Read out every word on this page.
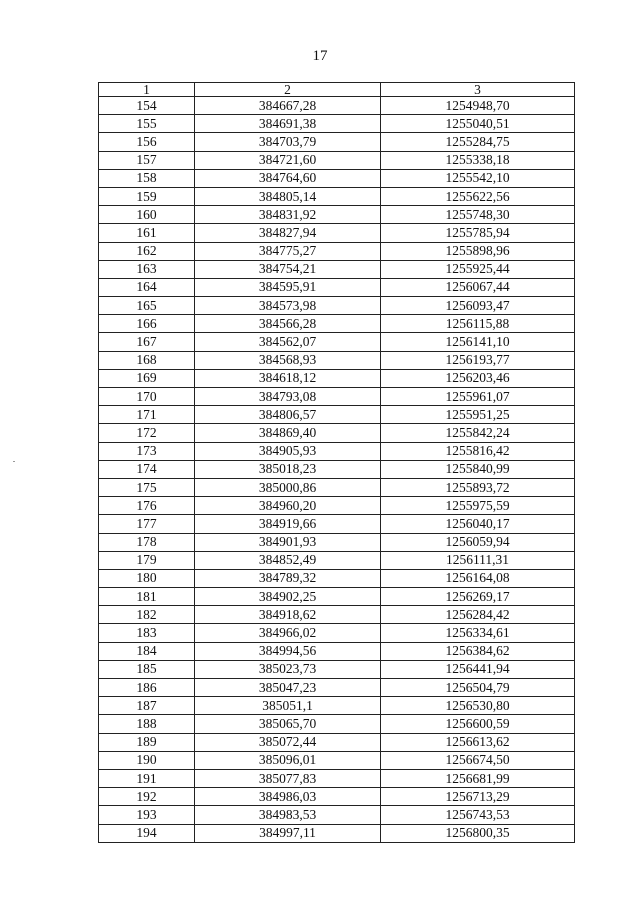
17
1	2	3
154	384667,28	1254948,70
155	384691,38	1255040,51
156	384703,79	1255284,75
157	384721,60	1255338,18
158	384764,60	1255542,10
159	384805,14	1255622,56
160	384831,92	1255748,30
161	384827,94	1255785,94
162	384775,27	1255898,96
163	384754,21	1255925,44
164	384595,91	1256067,44
165	384573,98	1256093,47
166	384566,28	1256115,88
167	384562,07	1256141,10
168	384568,93	1256193,77
169	384618,12	1256203,46
170	384793,08	1255961,07
171	384806,57	1255951,25
172	384869,40	1255842,24
173	384905,93	1255816,42
174	385018,23	1255840,99
175	385000,86	1255893,72
176	384960,20	1255975,59
177	384919,66	1256040,17
178	384901,93	1256059,94
179	384852,49	1256111,31
180	384789,32	1256164,08
181	384902,25	1256269,17
182	384918,62	1256284,42
183	384966,02	1256334,61
184	384994,56	1256384,62
185	385023,73	1256441,94
186	385047,23	1256504,79
187	385051,1	1256530,80
188	385065,70	1256600,59
189	385072,44	1256613,62
190	385096,01	1256674,50
191	385077,83	1256681,99
192	384986,03	1256713,29
193	384983,53	1256743,53
194	384997,11	1256800,35
